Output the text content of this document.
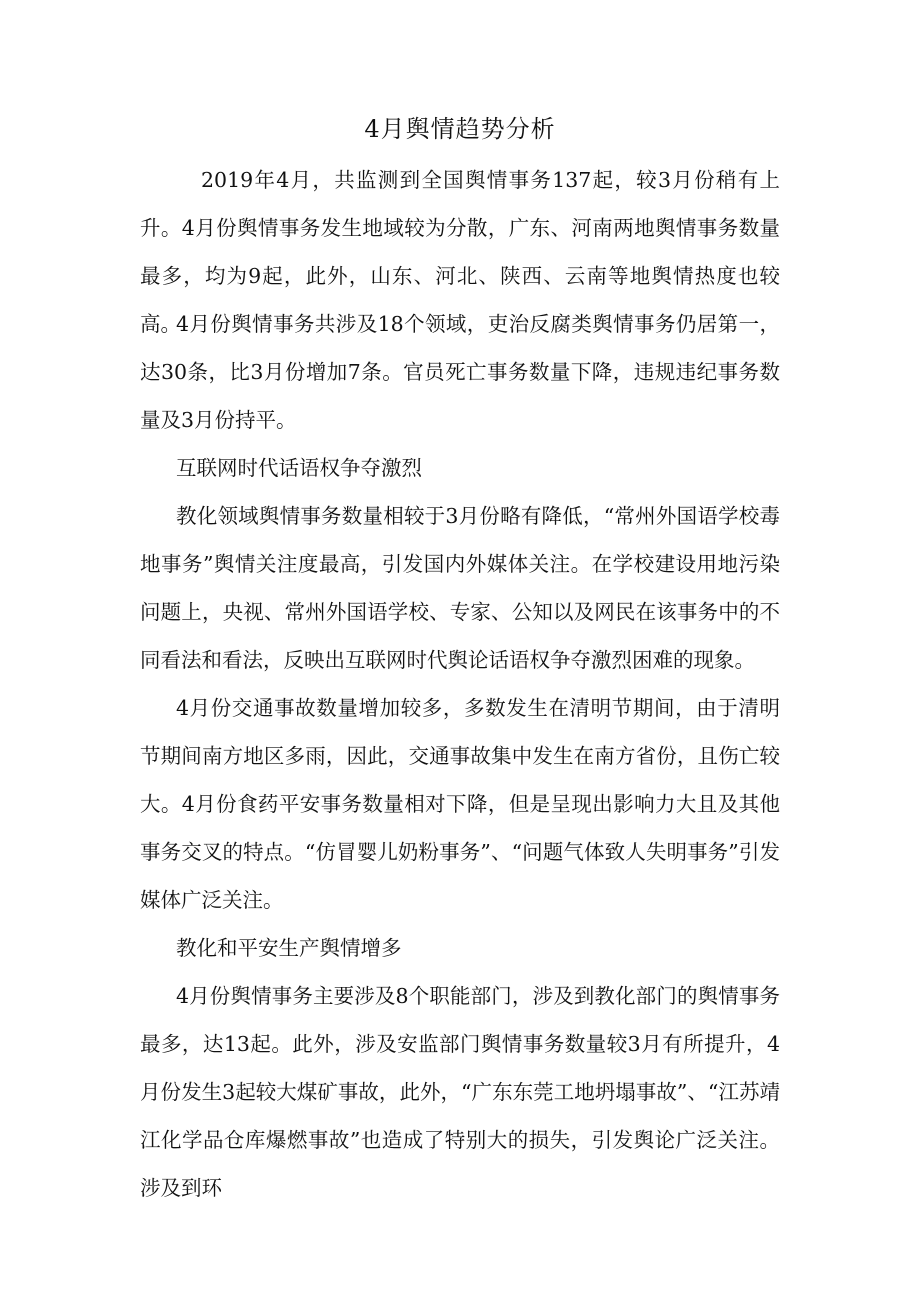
4月舆情趋势分析

2019年4月，共监测到全国舆情事务137起，较3月份稍有上升。4月份舆情事务发生地域较为分散，广东、河南两地舆情事务数量最多，均为9起，此外，山东、河北、陕西、云南等地舆情热度也较高。

4月份舆情事务共涉及18个领域，吏治反腐类舆情事务仍居第一，达30条，比3月份增加7条。官员死亡事务数量下降，违规违纪事务数量及3月份持平。

互联网时代话语权争夺激烈

教化领域舆情事务数量相较于3月份略有降低，“常州外国语学校毒地事务”舆情关注度最高，引发国内外媒体关注。在学校建设用地污染问题上，央视、常州外国语学校、专家、公知以及网民在该事务中的不同看法和看法，反映出互联网时代舆论话语权争夺激烈困难的现象。

4月份交通事故数量增加较多，多数发生在清明节期间，由于清明节期间南方地区多雨，因此，交通事故集中发生在南方省份，且伤亡较大。4月份食药平安事务数量相对下降，但是呈现出影响力大且及其他事务交叉的特点。“仿冒婴儿奶粉事务”、“问题气体致人失明事务”引发媒体广泛关注。

教化和平安生产舆情增多

4月份舆情事务主要涉及8个职能部门，涉及到教化部门的舆情事务最多，达13起。此外，涉及安监部门舆情事务数量较3月有所提升，4月份发生3起较大煤矿事故，此外，“广东东莞工地坍塌事故”、“江苏靖江化学品仓库爆燃事故”也造成了特别大的损失，引发舆论广泛关注。涉及到环
